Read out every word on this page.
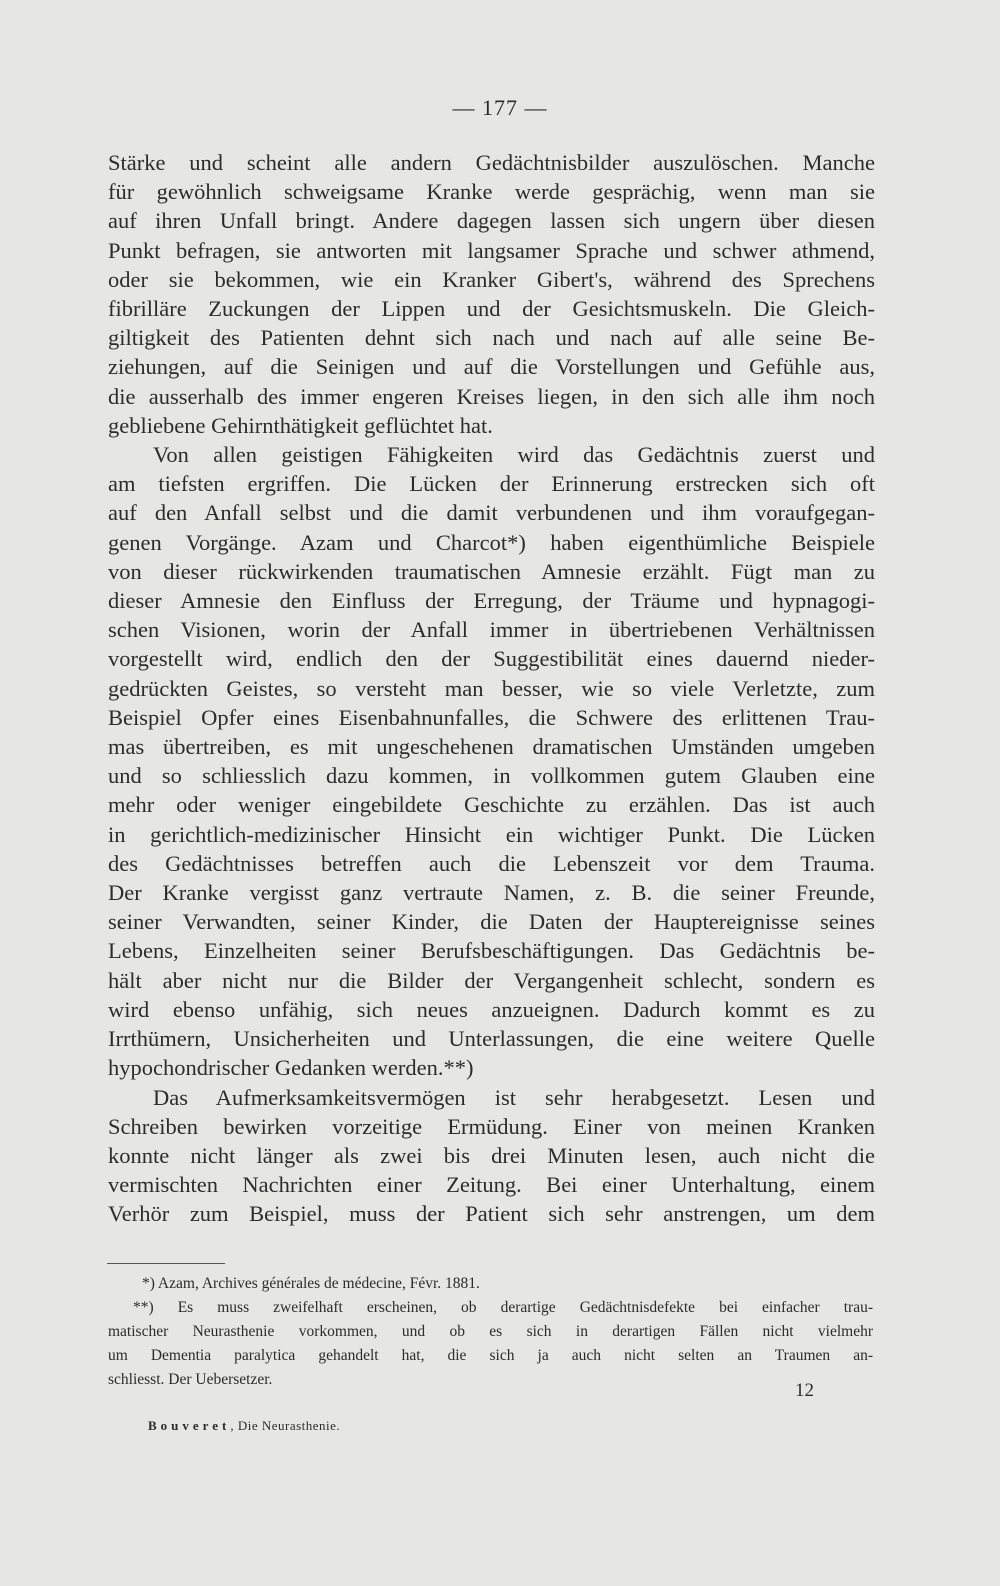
— 177 —
Stärke und scheint alle andern Gedächtnisbilder auszulöschen. Manche
für gewöhnlich schweigsame Kranke werde gesprächig, wenn man sie
auf ihren Unfall bringt. Andere dagegen lassen sich ungern über diesen
Punkt befragen, sie antworten mit langsamer Sprache und schwer athmend,
oder sie bekommen, wie ein Kranker Gibert's, während des Sprechens
fibrilläre Zuckungen der Lippen und der Gesichtsmuskeln. Die Gleich-
giltigkeit des Patienten dehnt sich nach und nach auf alle seine Be-
ziehungen, auf die Seinigen und auf die Vorstellungen und Gefühle aus,
die ausserhalb des immer engeren Kreises liegen, in den sich alle ihm noch
gebliebene Gehirnthätigkeit geflüchtet hat.
Von allen geistigen Fähigkeiten wird das Gedächtnis zuerst und
am tiefsten ergriffen. Die Lücken der Erinnerung erstrecken sich oft
auf den Anfall selbst und die damit verbundenen und ihm voraufgegan-
genen Vorgänge. Azam und Charcot*) haben eigenthümliche Beispiele
von dieser rückwirkenden traumatischen Amnesie erzählt. Fügt man zu
dieser Amnesie den Einfluss der Erregung, der Träume und hypnagogi-
schen Visionen, worin der Anfall immer in übertriebenen Verhältnissen
vorgestellt wird, endlich den der Suggestibilität eines dauernd nieder-
gedrückten Geistes, so versteht man besser, wie so viele Verletzte, zum
Beispiel Opfer eines Eisenbahnunfalles, die Schwere des erlittenen Trau-
mas übertreiben, es mit ungeschehenen dramatischen Umständen umgeben
und so schliesslich dazu kommen, in vollkommen gutem Glauben eine
mehr oder weniger eingebildete Geschichte zu erzählen. Das ist auch
in gerichtlich-medizinischer Hinsicht ein wichtiger Punkt. Die Lücken
des Gedächtnisses betreffen auch die Lebenszeit vor dem Trauma.
Der Kranke vergisst ganz vertraute Namen, z. B. die seiner Freunde,
seiner Verwandten, seiner Kinder, die Daten der Hauptereignisse seines
Lebens, Einzelheiten seiner Berufsbeschäftigungen. Das Gedächtnis be-
hält aber nicht nur die Bilder der Vergangenheit schlecht, sondern es
wird ebenso unfähig, sich neues anzueignen. Dadurch kommt es zu
Irrthümern, Unsicherheiten und Unterlassungen, die eine weitere Quelle
hypochondrischer Gedanken werden.**)
Das Aufmerksamkeitsvermögen ist sehr herabgesetzt. Lesen und
Schreiben bewirken vorzeitige Ermüdung. Einer von meinen Kranken
konnte nicht länger als zwei bis drei Minuten lesen, auch nicht die
vermischten Nachrichten einer Zeitung. Bei einer Unterhaltung, einem
Verhör zum Beispiel, muss der Patient sich sehr anstrengen, um dem
*) Azam, Archives générales de médecine, Févr. 1881.
**) Es muss zweifelhaft erscheinen, ob derartige Gedächtnisdefekte bei einfacher trau-
matischer Neurasthenie vorkommen, und ob es sich in derartigen Fällen nicht vielmehr
um Dementia paralytica gehandelt hat, die sich ja auch nicht selten an Traumen an-
schliesst. Der Uebersetzer.
12
Bouveret, Die Neurasthenie.
